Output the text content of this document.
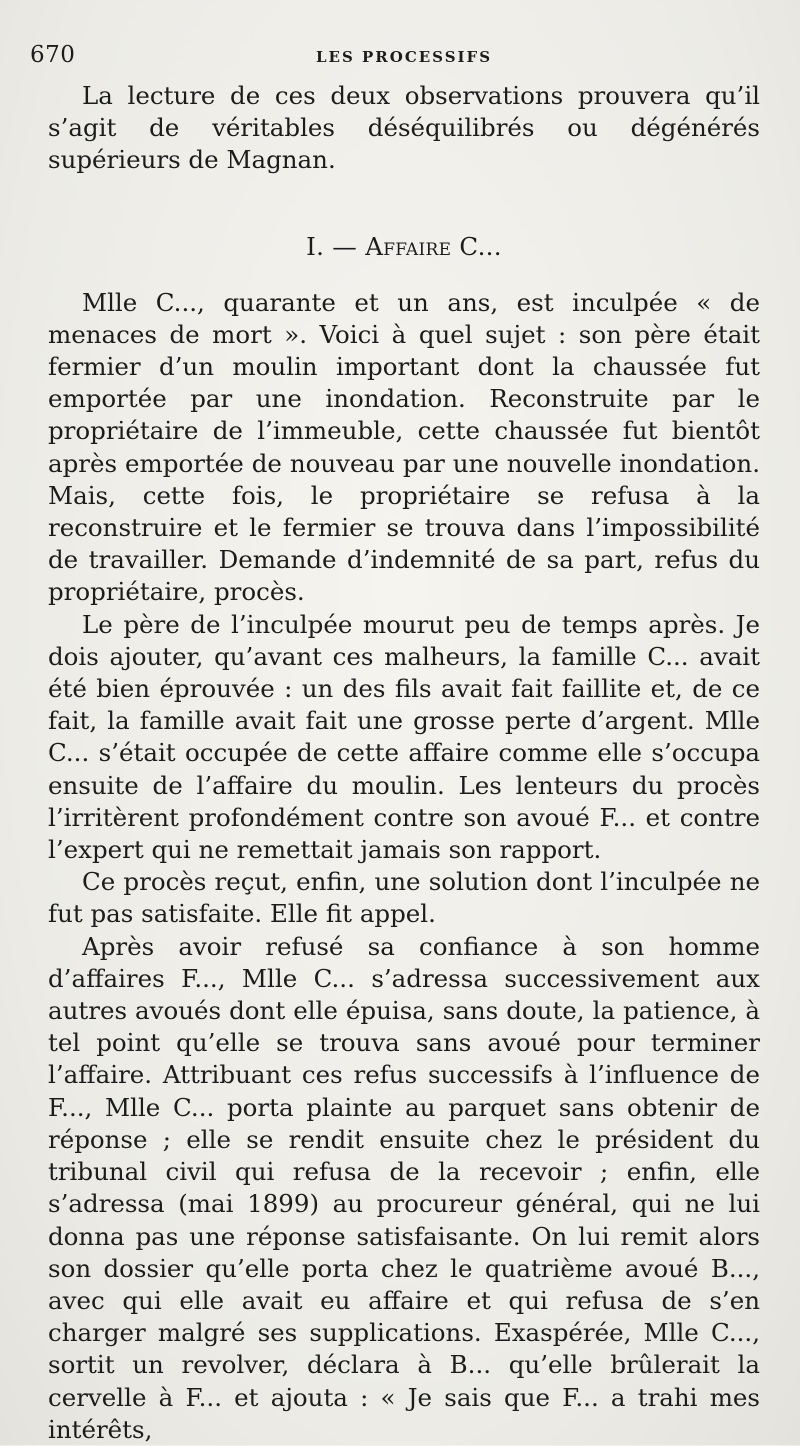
670	LES PROCESSIFS

La lecture de ces deux observations prouvera qu’il s’agit de véritables déséquilibrés ou dégénérés supérieurs de Magnan.

I. — Affaire C...

Mlle C..., quarante et un ans, est inculpée « de menaces de mort ». Voici à quel sujet : son père était fermier d’un moulin important dont la chaussée fut emportée par une inondation. Reconstruite par le propriétaire de l’immeuble, cette chaussée fut bientôt après emportée de nouveau par une nouvelle inondation. Mais, cette fois, le propriétaire se refusa à la reconstruire et le fermier se trouva dans l’impossibilité de travailler. Demande d’indemnité de sa part, refus du propriétaire, procès.

Le père de l’inculpée mourut peu de temps après. Je dois ajouter, qu’avant ces malheurs, la famille C... avait été bien éprouvée : un des fils avait fait faillite et, de ce fait, la famille avait fait une grosse perte d’argent. Mlle C... s’était occupée de cette affaire comme elle s’occupa ensuite de l’affaire du moulin. Les lenteurs du procès l’irritèrent profondément contre son avoué F... et contre l’expert qui ne remettait jamais son rapport.

Ce procès reçut, enfin, une solution dont l’inculpée ne fut pas satisfaite. Elle fit appel.

Après avoir refusé sa confiance à son homme d’affaires F..., Mlle C... s’adressa successivement aux autres avoués dont elle épuisa, sans doute, la patience, à tel point qu’elle se trouva sans avoué pour terminer l’affaire. Attribuant ces refus successifs à l’influence de F..., Mlle C... porta plainte au parquet sans obtenir de réponse ; elle se rendit ensuite chez le président du tribunal civil qui refusa de la recevoir ; enfin, elle s’adressa (mai 1899) au procureur général, qui ne lui donna pas une réponse satisfaisante. On lui remit alors son dossier qu’elle porta chez le quatrième avoué B..., avec qui elle avait eu affaire et qui refusa de s’en charger malgré ses supplications. Exaspérée, Mlle C..., sortit un revolver, déclara à B... qu’elle brûlerait la cervelle à F... et ajouta : « Je sais que F... a trahi mes intérêts,
